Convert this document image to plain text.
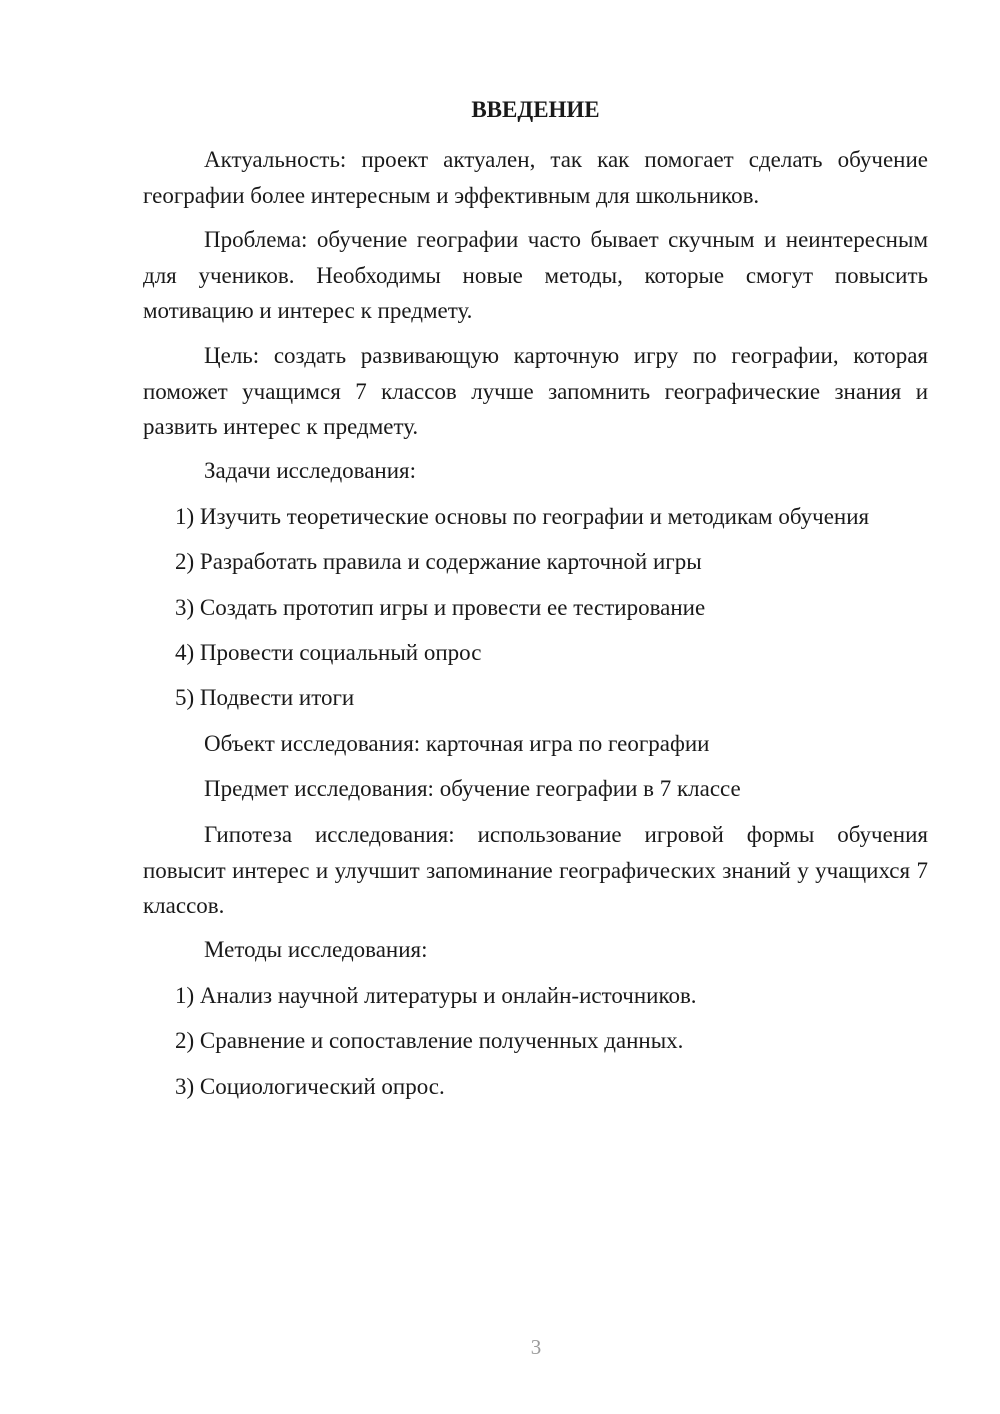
ВВЕДЕНИЕ
Актуальность: проект актуален, так как помогает сделать обучение географии более интересным и эффективным для школьников.
Проблема: обучение географии часто бывает скучным и неинтересным для учеников. Необходимы новые методы, которые смогут повысить мотивацию и интерес к предмету.
Цель: создать развивающую карточную игру по географии, которая поможет учащимся 7 классов лучше запомнить географические знания и развить интерес к предмету.
Задачи исследования:
1) Изучить теоретические основы по географии и методикам обучения
2) Разработать правила и содержание карточной игры
3) Создать прототип игры и провести ее тестирование
4) Провести социальный опрос
5) Подвести итоги
Объект исследования: карточная игра по географии
Предмет исследования: обучение географии в 7 классе
Гипотеза исследования: использование игровой формы обучения повысит интерес и улучшит запоминание географических знаний у учащихся 7 классов.
Методы исследования:
1) Анализ научной литературы и онлайн-источников.
2) Сравнение и сопоставление полученных данных.
3) Социологический опрос.
3
